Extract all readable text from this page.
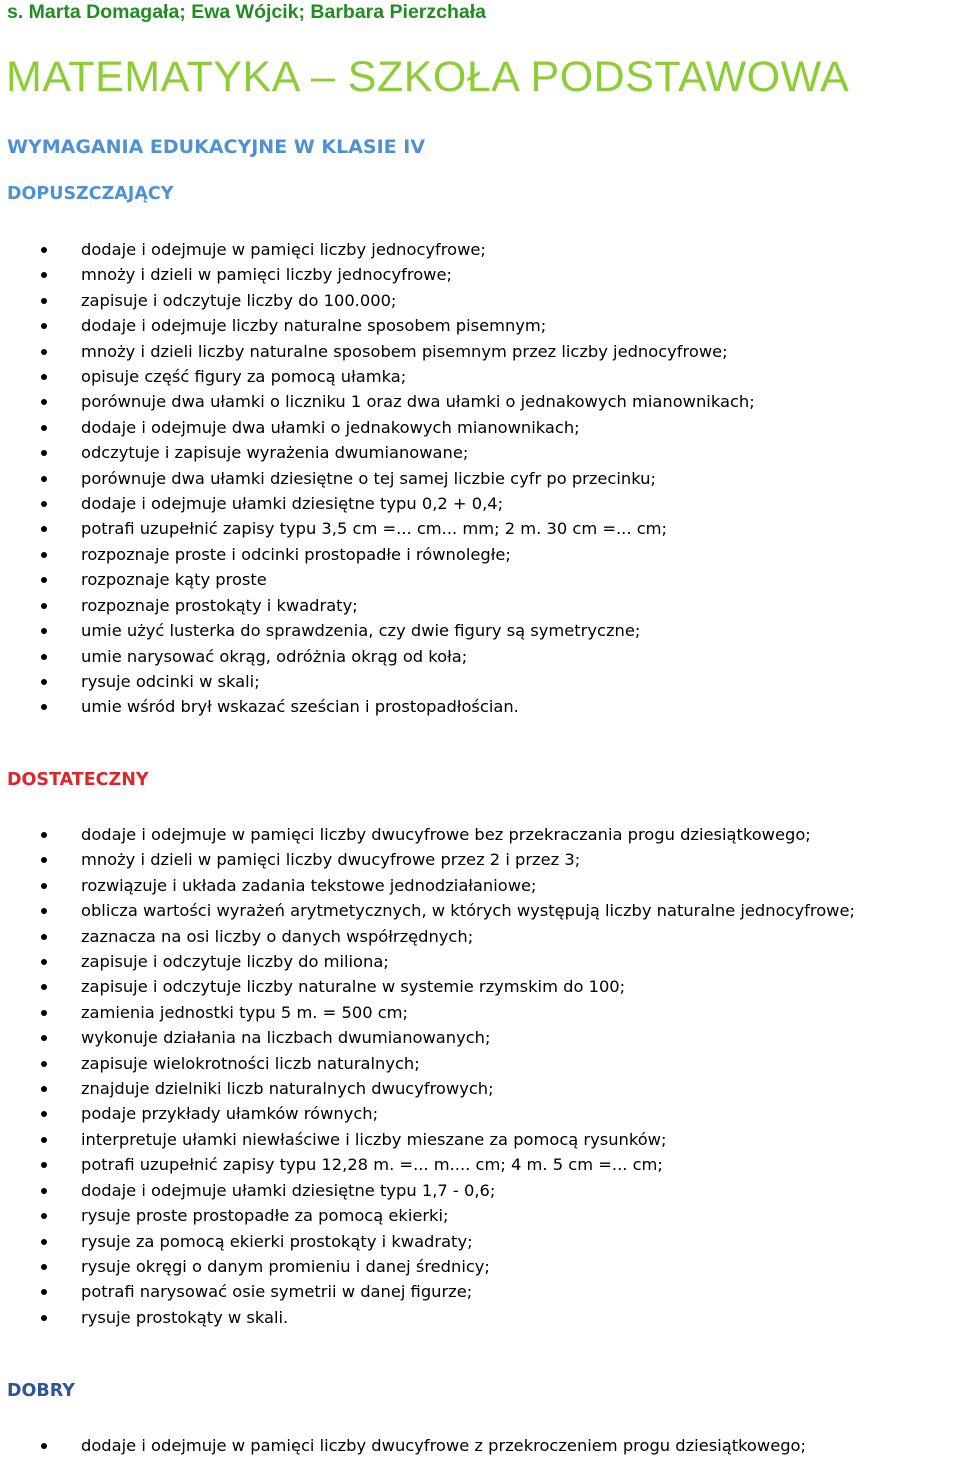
s. Marta Domagała; Ewa Wójcik; Barbara Pierzchała
MATEMATYKA – SZKOŁA PODSTAWOWA
WYMAGANIA EDUKACYJNE W KLASIE IV
DOPUSZCZAJĄCY
dodaje i odejmuje w pamięci liczby jednocyfrowe;
mnoży i dzieli w pamięci liczby jednocyfrowe;
zapisuje i odczytuje liczby do 100.000;
dodaje i odejmuje liczby naturalne sposobem pisemnym;
mnoży i dzieli liczby naturalne sposobem pisemnym przez liczby jednocyfrowe;
opisuje część figury za pomocą ułamka;
porównuje dwa ułamki o liczniku 1 oraz dwa ułamki o jednakowych mianownikach;
dodaje i odejmuje dwa ułamki o jednakowych mianownikach;
odczytuje i zapisuje wyrażenia dwumianowane;
porównuje dwa ułamki dziesiętne o tej samej liczbie cyfr po przecinku;
dodaje i odejmuje ułamki dziesiętne typu 0,2 + 0,4;
potrafi uzupełnić zapisy typu 3,5 cm =... cm... mm; 2 m. 30 cm =... cm;
rozpoznaje proste i odcinki prostopadłe i równoległe;
rozpoznaje kąty proste
rozpoznaje prostokąty i kwadraty;
umie użyć lusterka do sprawdzenia, czy dwie figury są symetryczne;
umie narysować okrąg, odróżnia okrąg od koła;
rysuje odcinki w skali;
umie wśród brył wskazać sześcian i prostopadłościan.
DOSTATECZNY
dodaje i odejmuje w pamięci liczby dwucyfrowe bez przekraczania progu dziesiątkowego;
mnoży i dzieli w pamięci liczby dwucyfrowe przez 2 i przez 3;
rozwiązuje i układa zadania tekstowe jednodziałaniowe;
oblicza wartości wyrażeń arytmetycznych, w których występują liczby naturalne jednocyfrowe;
zaznacza na osi liczby o danych współrzędnych;
zapisuje i odczytuje liczby do miliona;
zapisuje i odczytuje liczby naturalne w systemie rzymskim do 100;
zamienia jednostki typu 5 m. = 500 cm;
wykonuje działania na liczbach dwumianowanych;
zapisuje wielokrotności liczb naturalnych;
znajduje dzielniki liczb naturalnych dwucyfrowych;
podaje przykłady ułamków równych;
interpretuje ułamki niewłaściwe i liczby mieszane za pomocą rysunków;
potrafi uzupełnić zapisy typu 12,28 m. =... m.... cm; 4 m. 5 cm =... cm;
dodaje i odejmuje ułamki dziesiętne typu 1,7 - 0,6;
rysuje proste prostopadłe za pomocą ekierki;
rysuje za pomocą ekierki prostokąty i kwadraty;
rysuje okręgi o danym promieniu i danej średnicy;
potrafi narysować osie symetrii w danej figurze;
rysuje prostokąty w skali.
DOBRY
dodaje i odejmuje w pamięci liczby dwucyfrowe z przekroczeniem progu dziesiątkowego;
